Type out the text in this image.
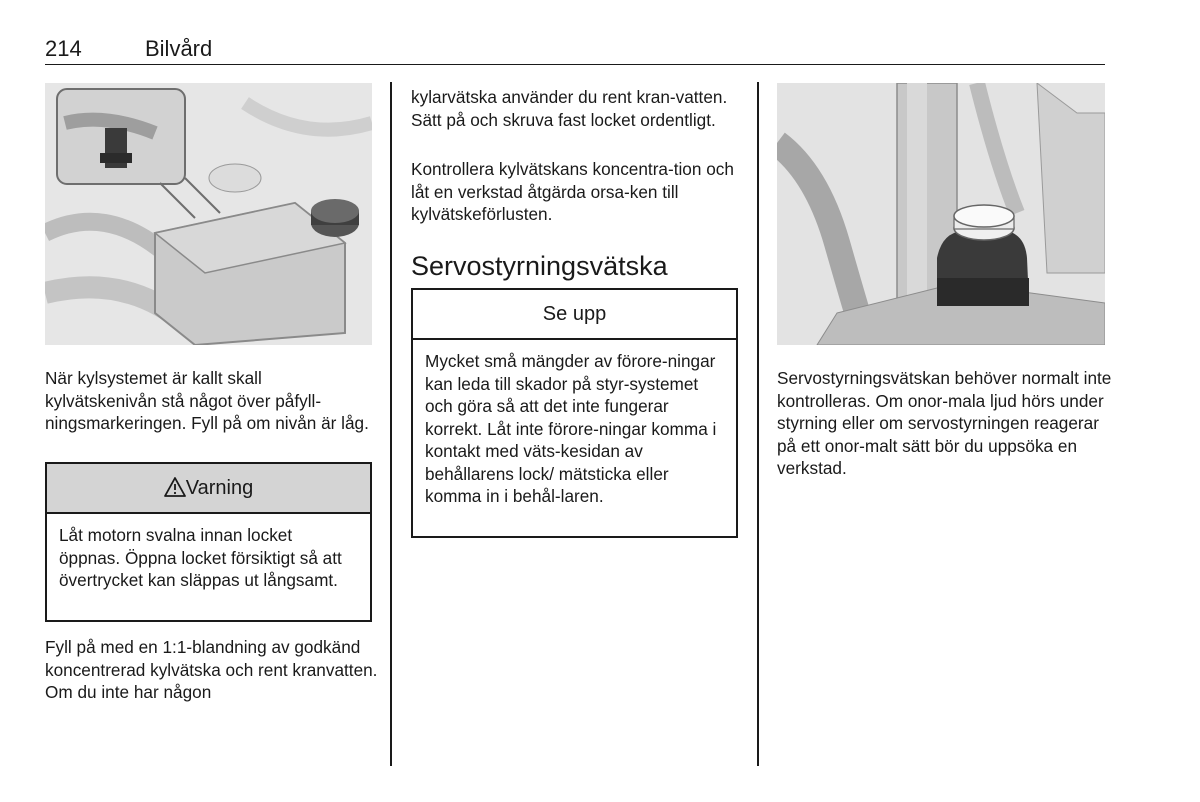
214	Bilvård

När kylsystemet är kallt skall kylvätskenivån stå något över påfyll-ningsmarkeringen. Fyll på om nivån är låg.

Varning
Låt motorn svalna innan locket öppnas. Öppna locket försiktigt så att övertrycket kan släppas ut långsamt.

Fyll på med en 1:1-blandning av godkänd koncentrerad kylvätska och rent kranvatten. Om du inte har någon

kylarvätska använder du rent kran-vatten. Sätt på och skruva fast locket ordentligt.

Kontrollera kylvätskans koncentra-tion och låt en verkstad åtgärda orsa-ken till kylvätskeförlusten.

Servostyrningsvätska
Se upp
Mycket små mängder av förore-ningar kan leda till skador på styr-systemet och göra så att det inte fungerar korrekt. Låt inte förore-ningar komma i kontakt med väts-kesidan av behållarens lock/ mätsticka eller komma in i behål-laren.

Servostyrningsvätskan behöver normalt inte kontrolleras. Om onor-mala ljud hörs under styrning eller om servostyrningen reagerar på ett onor-malt sätt bör du uppsöka en verkstad.
